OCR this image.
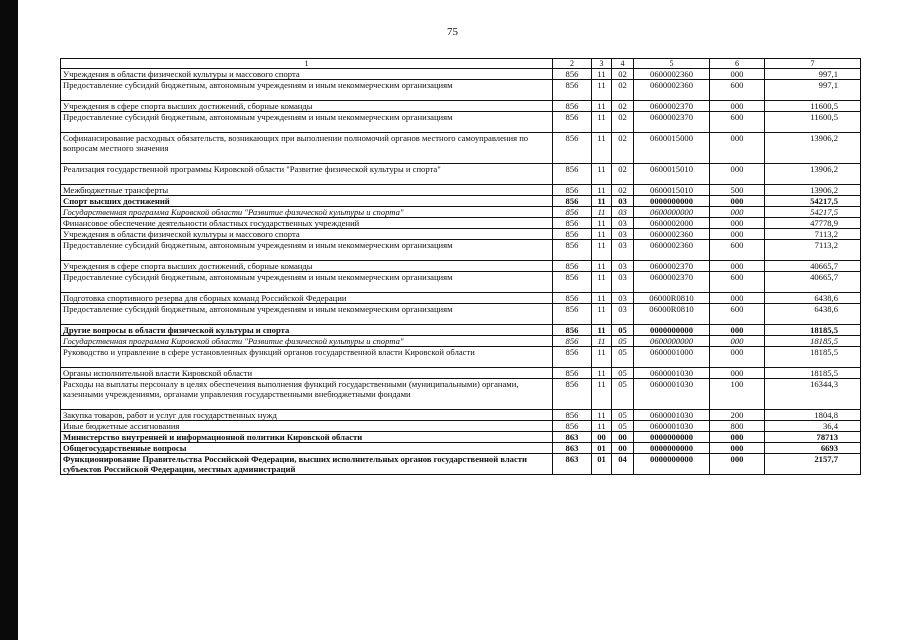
75
1	2	3	4	5	6	7
Учреждения в области физической культуры и массового спорта	856	11	02	0600002360	000	997,1
Предоставление субсидий бюджетным, автономным учреждениям и иным некоммерческим организациям	856	11	02	0600002360	600	997,1
Учреждения в сфере спорта высших достижений, сборные команды	856	11	02	0600002370	000	11600,5
Предоставление субсидий бюджетным, автономным учреждениям и иным некоммерческим организациям	856	11	02	0600002370	600	11600,5
Софинансирование расходных обязательств, возникающих при выполнении полномочий органов местного самоуправления по вопросам местного значения	856	11	02	0600015000	000	13906,2
Реализация государственной программы Кировской области "Развитие физической культуры и спорта"	856	11	02	0600015010	000	13906,2
Межбюджетные трансферты	856	11	02	0600015010	500	13906,2
Спорт высших достижений	856	11	03	0000000000	000	54217,5
Государственная программа Кировской области "Развитие физической культуры и спорта"	856	11	03	0600000000	000	54217,5
Финансовое обеспечение деятельности областных государственных учреждений	856	11	03	0600002000	000	47778,9
Учреждения в области физической культуры и массового спорта	856	11	03	0600002360	000	7113,2
Предоставление субсидий бюджетным, автономным учреждениям и иным некоммерческим организациям	856	11	03	0600002360	600	7113,2
Учреждения в сфере спорта высших достижений, сборные команды	856	11	03	0600002370	000	40665,7
Предоставление субсидий бюджетным, автономным учреждениям и иным некоммерческим организациям	856	11	03	0600002370	600	40665,7
Подготовка спортивного резерва для сборных команд Российской Федерации	856	11	03	06000R0810	000	6438,6
Предоставление субсидий бюджетным, автономным учреждениям и иным некоммерческим организациям	856	11	03	06000R0810	600	6438,6
Другие вопросы в области физической культуры и спорта	856	11	05	0000000000	000	18185,5
Государственная программа Кировской области "Развитие физической культуры и спорта"	856	11	05	0600000000	000	18185,5
Руководство и управление в сфере установленных функций органов государственной власти Кировской области	856	11	05	0600001000	000	18185,5
Органы исполнительной власти Кировской области	856	11	05	0600001030	000	18185,5
Расходы на выплаты персоналу в целях обеспечения выполнения функций государственными (муниципальными) органами, казенными учреждениями, органами управления государственными внебюджетными фондами	856	11	05	0600001030	100	16344,3
Закупка товаров, работ и услуг для государственных нужд	856	11	05	0600001030	200	1804,8
Иные бюджетные ассигнования	856	11	05	0600001030	800	36,4
Министерство внутренней и информационной политики Кировской области	863	00	00	0000000000	000	78713
Общегосударственные вопросы	863	01	00	0000000000	000	6693
Функционирование Правительства Российской Федерации, высших исполнительных органов государственной власти субъектов Российской Федерации, местных администраций	863	01	04	0000000000	000	2157,7
